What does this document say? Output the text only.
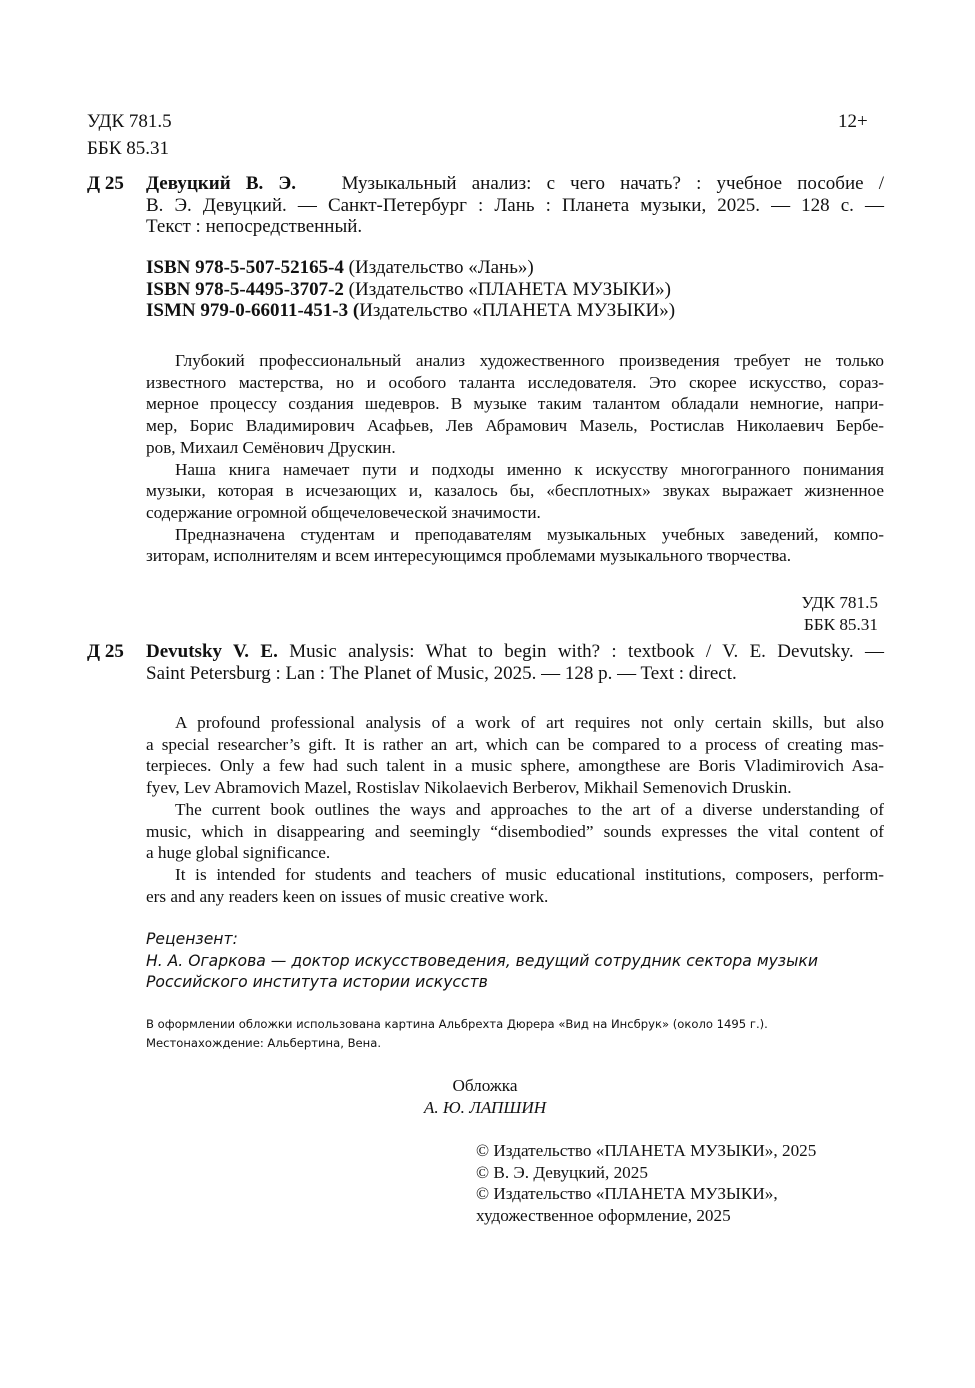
УДК 781.5
ББК 85.31
12+
Д 25 Девуцкий В. Э. Музыкальный анализ: с чего начать? : учебное пособие /
В. Э. Девуцкий. — Санкт-Петербург : Лань : Планета музыки, 2025. — 128 с. —
Текст : непосредственный.
ISBN 978-5-507-52165-4 (Издательство «Лань»)
ISBN 978-5-4495-3707-2 (Издательство «ПЛАНЕТА МУЗЫКИ»)
ISMN 979-0-66011-451-3 (Издательство «ПЛАНЕТА МУЗЫКИ»)
Глубокий профессиональный анализ художественного произведения требует не только
известного мастерства, но и особого таланта исследователя. Это скорее искусство, сораз-
мерное процессу создания шедевров. В музыке таким талантом обладали немногие, напри-
мер, Борис Владимирович Асафьев, Лев Абрамович Мазель, Ростислав Николаевич Бербе-
ров, Михаил Семёнович Друскин.
Наша книга намечает пути и подходы именно к искусству многогранного понимания
музыки, которая в исчезающих и, казалось бы, «бесплотных» звуках выражает жизненное
содержание огромной общечеловеческой значимости.
Предназначена студентам и преподавателям музыкальных учебных заведений, компо-
зиторам, исполнителям и всем интересующимся проблемами музыкального творчества.
УДК 781.5
ББК 85.31
Д 25 Devutsky V. E. Music analysis: What to begin with? : textbook / V. E. Devutsky. —
Saint Petersburg : Lan : The Planet of Music, 2025. — 128 p. — Text : direct.
A profound professional analysis of a work of art requires not only certain skills, but also
a special researcher’s gift. It is rather an art, which can be compared to a process of creating mas-
terpieces. Only a few had such talent in a music sphere, amongthese are Boris Vladimirovich Asa-
fyev, Lev Abramovich Mazel, Rostislav Nikolaevich Berberov, Mikhail Semenovich Druskin.
The current book outlines the ways and approaches to the art of a diverse understanding of
music, which in disappearing and seemingly “disembodied” sounds expresses the vital content of
a huge global significance.
It is intended for students and teachers of music educational institutions, composers, perform-
ers and any readers keen on issues of music creative work.
Рецензент:
Н. А. Огаркова — доктор искусствоведения, ведущий сотрудник сектора музыки
Российского института истории искусств
В оформлении обложки использована картина Альбрехта Дюрера «Вид на Инсбрук» (около 1495 г.).
Местонахождение: Альбертина, Вена.
Обложка
А. Ю. ЛАПШИН
© Издательство «ПЛАНЕТА МУЗЫКИ», 2025
© В. Э. Девуцкий, 2025
© Издательство «ПЛАНЕТА МУЗЫКИ»,
художественное оформление, 2025
